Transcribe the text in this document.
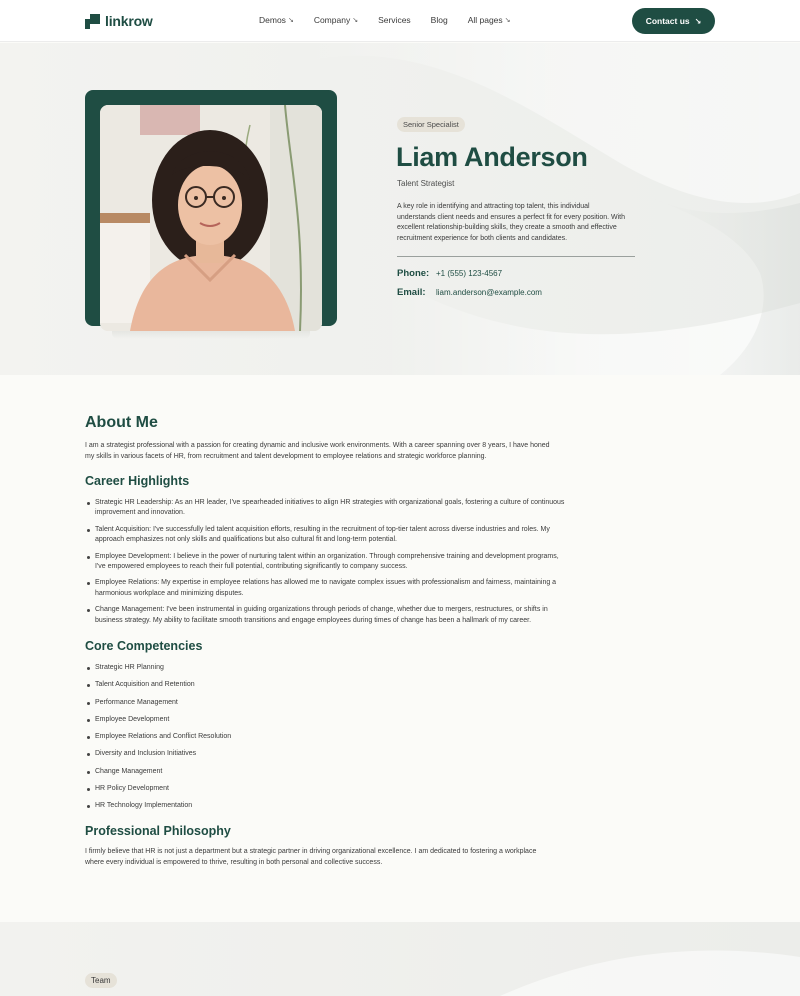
linkrow	Demos ↘ Company ↘ Services Blog All pages ↘	Contact us ↘
Senior Specialist
Liam Anderson
Talent Strategist

A key role in identifying and attracting top talent, this individual understands client needs and ensures a perfect fit for every position. With excellent relationship-building skills, they create a smooth and effective recruitment experience for both clients and candidates.

Phone: +1 (555) 123-4567
Email:	liam.anderson@example.com
About Me

I am a strategist professional with a passion for creating dynamic and inclusive work environments. With a career spanning over 8 years, I have honed my skills in various facets of HR, from recruitment and talent development to employee relations and strategic workforce planning.

Career Highlights
Strategic HR Leadership: As an HR leader, I've spearheaded initiatives to align HR strategies with organizational goals, fostering a culture of continuous improvement and innovation.
Talent Acquisition: I've successfully led talent acquisition efforts, resulting in the recruitment of top-tier talent across diverse industries and roles. My approach emphasizes not only skills and qualifications but also cultural fit and long-term potential.
Employee Development: I believe in the power of nurturing talent within an organization. Through comprehensive training and development programs, I've empowered employees to reach their full potential, contributing significantly to company success.
Employee Relations: My expertise in employee relations has allowed me to navigate complex issues with professionalism and fairness, maintaining a harmonious workplace and minimizing disputes.
Change Management: I've been instrumental in guiding organizations through periods of change, whether due to mergers, restructures, or shifts in business strategy. My ability to facilitate smooth transitions and engage employees during times of change has been a hallmark of my career.
Core Competencies
Strategic HR Planning
Talent Acquisition and Retention
Performance Management
Employee Development
Employee Relations and Conflict Resolution
Diversity and Inclusion Initiatives
Change Management
HR Policy Development
HR Technology Implementation
Professional Philosophy

I firmly believe that HR is not just a department but a strategic partner in driving organizational excellence. I am dedicated to fostering a workplace where every individual is empowered to thrive, resulting in both personal and collective success.

Team
